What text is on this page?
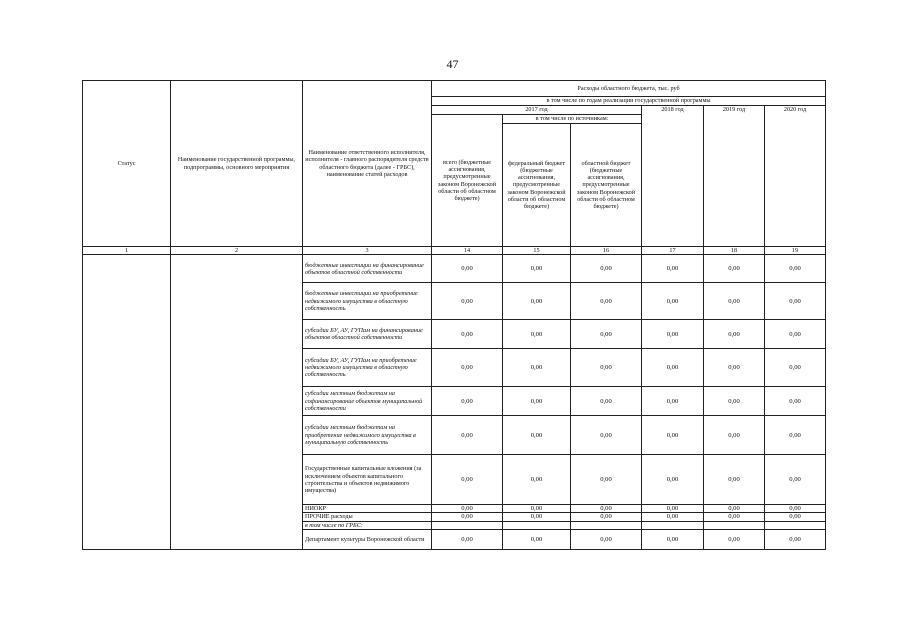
47
Статус	Наименование государственной программы, подпрограммы, основного мероприятия	Наименование ответственного исполнителя, исполнителя - главного распорядителя средств областного бюджета (далее - ГРБС), наименование статей расходов	Расходы областного бюджета, тыс. руб					
			в том числе по годам реализации государственной программы					
			2017 год			2018 год	2019 год	2020 год
			всего (бюджетные ассигнования, предусмотренные законом Воронежской области об областном бюджете)	в том числе по источникам:				
				федеральный бюджет (бюджетные ассигнования, предусмотренные законом Воронежской области об областном бюджете)	областной бюджет (бюджетные ассигнования, предусмотренные законом Воронежской области об областном бюджете)			
1	2	3	14	15	16	17	18	19
		бюджетные инвестиции на финансирование объектов областной собственности	0,00	0,00	0,00	0,00	0,00	0,00
		бюджетные инвестиции на приобретение недвижимого имущества в областную собственность	0,00	0,00	0,00	0,00	0,00	0,00
		субсидии БУ, АУ, ГУПам на финансирование объектов областной собственности	0,00	0,00	0,00	0,00	0,00	0,00
		субсидии БУ, АУ, ГУПам на приобретение недвижимого имущества в областную собственность	0,00	0,00	0,00	0,00	0,00	0,00
		субсидии местным бюджетам на софинансирование объектов муниципальной собственности	0,00	0,00	0,00	0,00	0,00	0,00
		субсидии местным бюджетам на приобретение недвижимого имущества в муниципальную собственность	0,00	0,00	0,00	0,00	0,00	0,00
		Государственные капитальные вложения (за исключением объектов капитального строительства и объектов недвижимого имущества)	0,00	0,00	0,00	0,00	0,00	0,00
		НИОКР	0,00	0,00	0,00	0,00	0,00	0,00
		ПРОЧИЕ расходы	0,00	0,00	0,00	0,00	0,00	0,00
		в том числе по ГРБС:						
		Департамент культуры Воронежской области	0,00	0,00	0,00	0,00	0,00	0,00
